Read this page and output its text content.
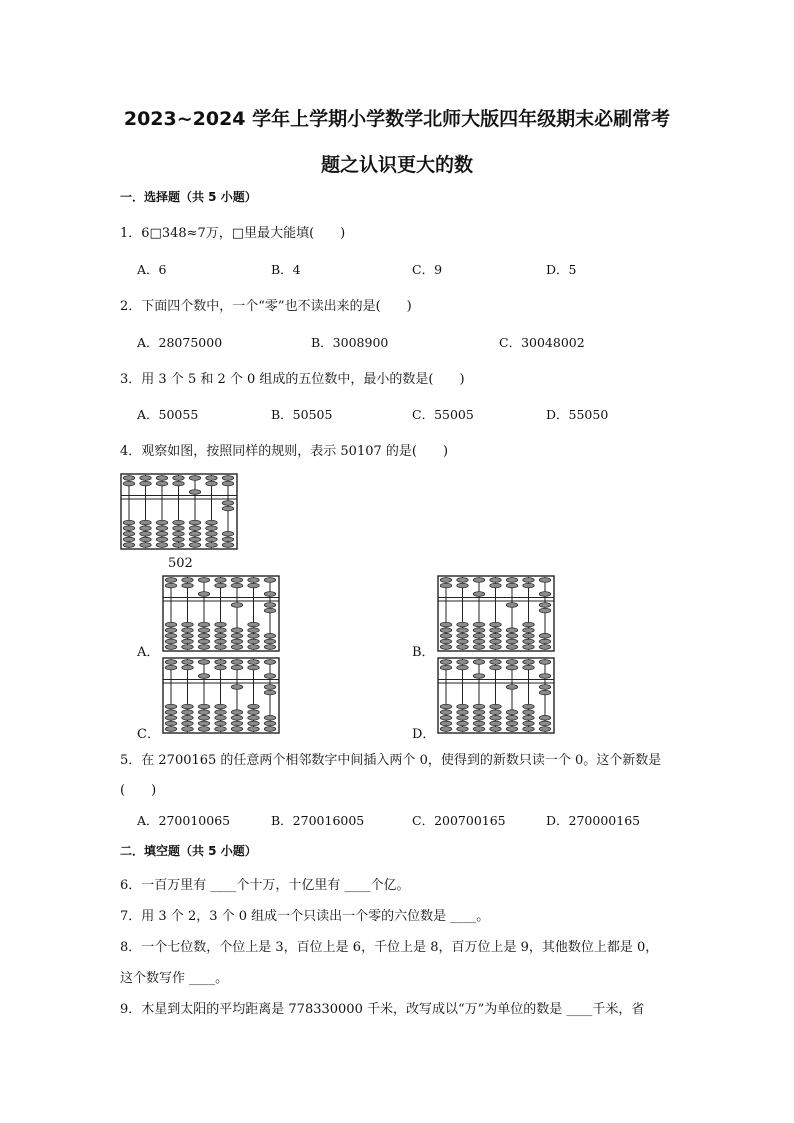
2023~2024 学年上学期小学数学北师大版四年级期末必刷常考
题之认识更大的数
一．选择题（共 5 小题）
1．6□348≈7万，□里最大能填(　　)
A．6	B．4	C．9	D．5
2．下面四个数中，一个“零”也不读出来的是(　　)
A．28075000	B．3008900	C．30048002
3．用 3 个 5 和 2 个 0 组成的五位数中，最小的数是(　　)
A．50055	B．50505	C．55005	D．55050
4．观察如图，按照同样的规则，表示 50107 的是(　　)
502
A．	B．
C．	D．
5．在 2700165 的任意两个相邻数字中间插入两个 0，使得到的新数只读一个 0。这个新数是
(　　)
A．270010065	B．270016005	C．200700165	D．270000165
二．填空题（共 5 小题）
6．一百万里有 ____个十万，十亿里有 ____个亿。
7．用 3 个 2，3 个 0 组成一个只读出一个零的六位数是 ____。
8．一个七位数，个位上是 3，百位上是 6，千位上是 8，百万位上是 9，其他数位上都是 0，
这个数写作 ____。
9．木星到太阳的平均距离是 778330000 千米，改写成以“万”为单位的数是 ____千米，省
